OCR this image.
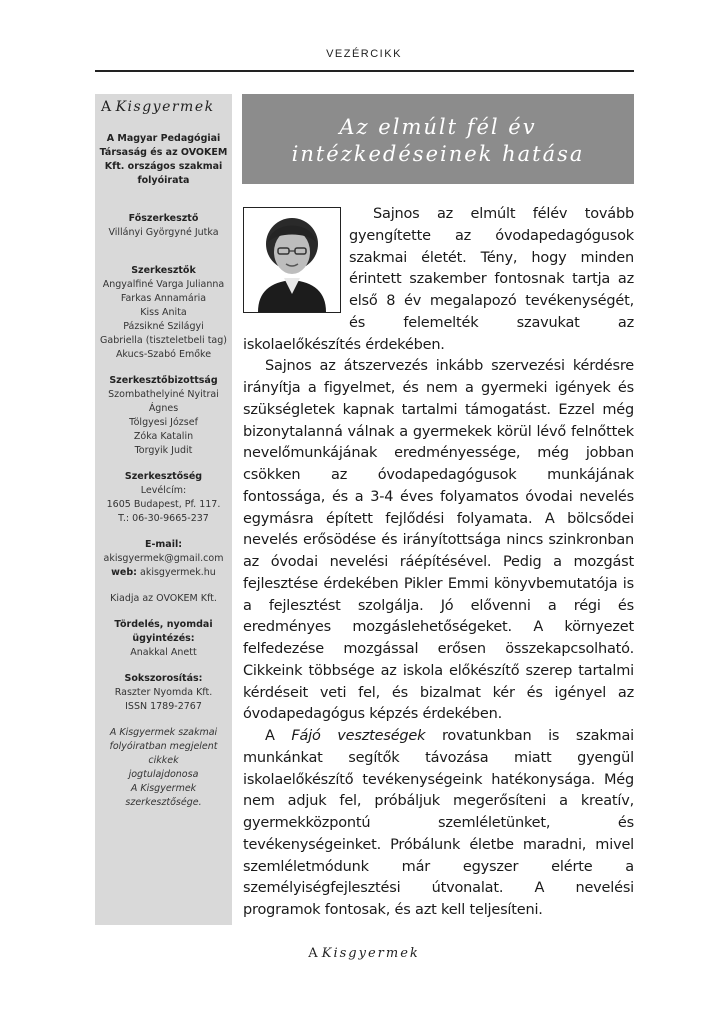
VEZÉRCIKK
A Kisgyermek
A Magyar Pedagógiai
Társaság és az OVOKEM
Kft. országos szakmai
folyóirata
Főszerkesztő
Villányi Györgyné Jutka
Szerkesztők
Angyalfiné Varga Julianna
Farkas Annamária
Kiss Anita
Pázsikné Szilágyi
Gabriella (tiszteletbeli tag)
Akucs-Szabó Emőke
Szerkesztőbizottság
Szombathelyiné Nyitrai
Ágnes
Tölgyesi József
Zóka Katalin
Torgyik Judit
Szerkesztőség
Levélcím:
1605 Budapest, Pf. 117.
T.: 06-30-9665-237
E-mail:
akisgyermek@gmail.com
web: akisgyermek.hu
Kiadja az OVOKEM Kft.
Tördelés, nyomdai
ügyintézés:
Anakkal Anett
Sokszorosítás:
Raszter Nyomda Kft.
ISSN 1789-2767
A Kisgyermek szakmai
folyóiratban megjelent
cikkek
jogtulajdonosa
A Kisgyermek
szerkesztősége.
Az elmúlt fél év
intézkedéseinek hatása

Sajnos az elmúlt félév tovább gyengítette az óvodapedagógusok szakmai életét. Tény, hogy minden érintett szakember fontosnak tartja az első 8 év megalapozó tevékenységét, és felemelték szavukat az iskolaelőkészítés érdekében.

Sajnos az átszervezés inkább szervezési kérdésre irányítja a figyelmet, és nem a gyermeki igények és szükségletek kapnak tartalmi támogatást. Ezzel még bizonytalanná válnak a gyermekek körül lévő felnőttek nevelőmunkájának eredményessége, még jobban csökken az óvodapedagógusok munkájának fontossága, és a 3-4 éves folyamatos óvodai nevelés egymásra épített fejlődési folyamata. A bölcsődei nevelés erősödése és irányítottsága nincs szinkronban az óvodai nevelési ráépítésével. Pedig a mozgást fejlesztése érdekében Pikler Emmi könyvbemutatója is a fejlesztést szolgálja. Jó elővenni a régi és eredményes mozgáslehetőségeket. A környezet felfedezése mozgással erősen összekapcsolható. Cikkeink többsége az iskola előkészítő szerep tartalmi kérdéseit veti fel, és bizalmat kér és igényel az óvodapedagógus képzés érdekében.

A Fájó veszteségek rovatunkban is szakmai munkánkat segítők távozása miatt gyengül iskolaelőkészítő tevékenységeink hatékonysága. Még nem adjuk fel, próbáljuk megerősíteni a kreatív, gyermekközpontú szemléletünket, és tevékenységeinket. Próbálunk életbe maradni, mivel szemléletmódunk már egyszer elérte a személyiségfejlesztési útvonalat. A nevelési programok fontosak, és azt kell teljesíteni.

A Kisgyermek
